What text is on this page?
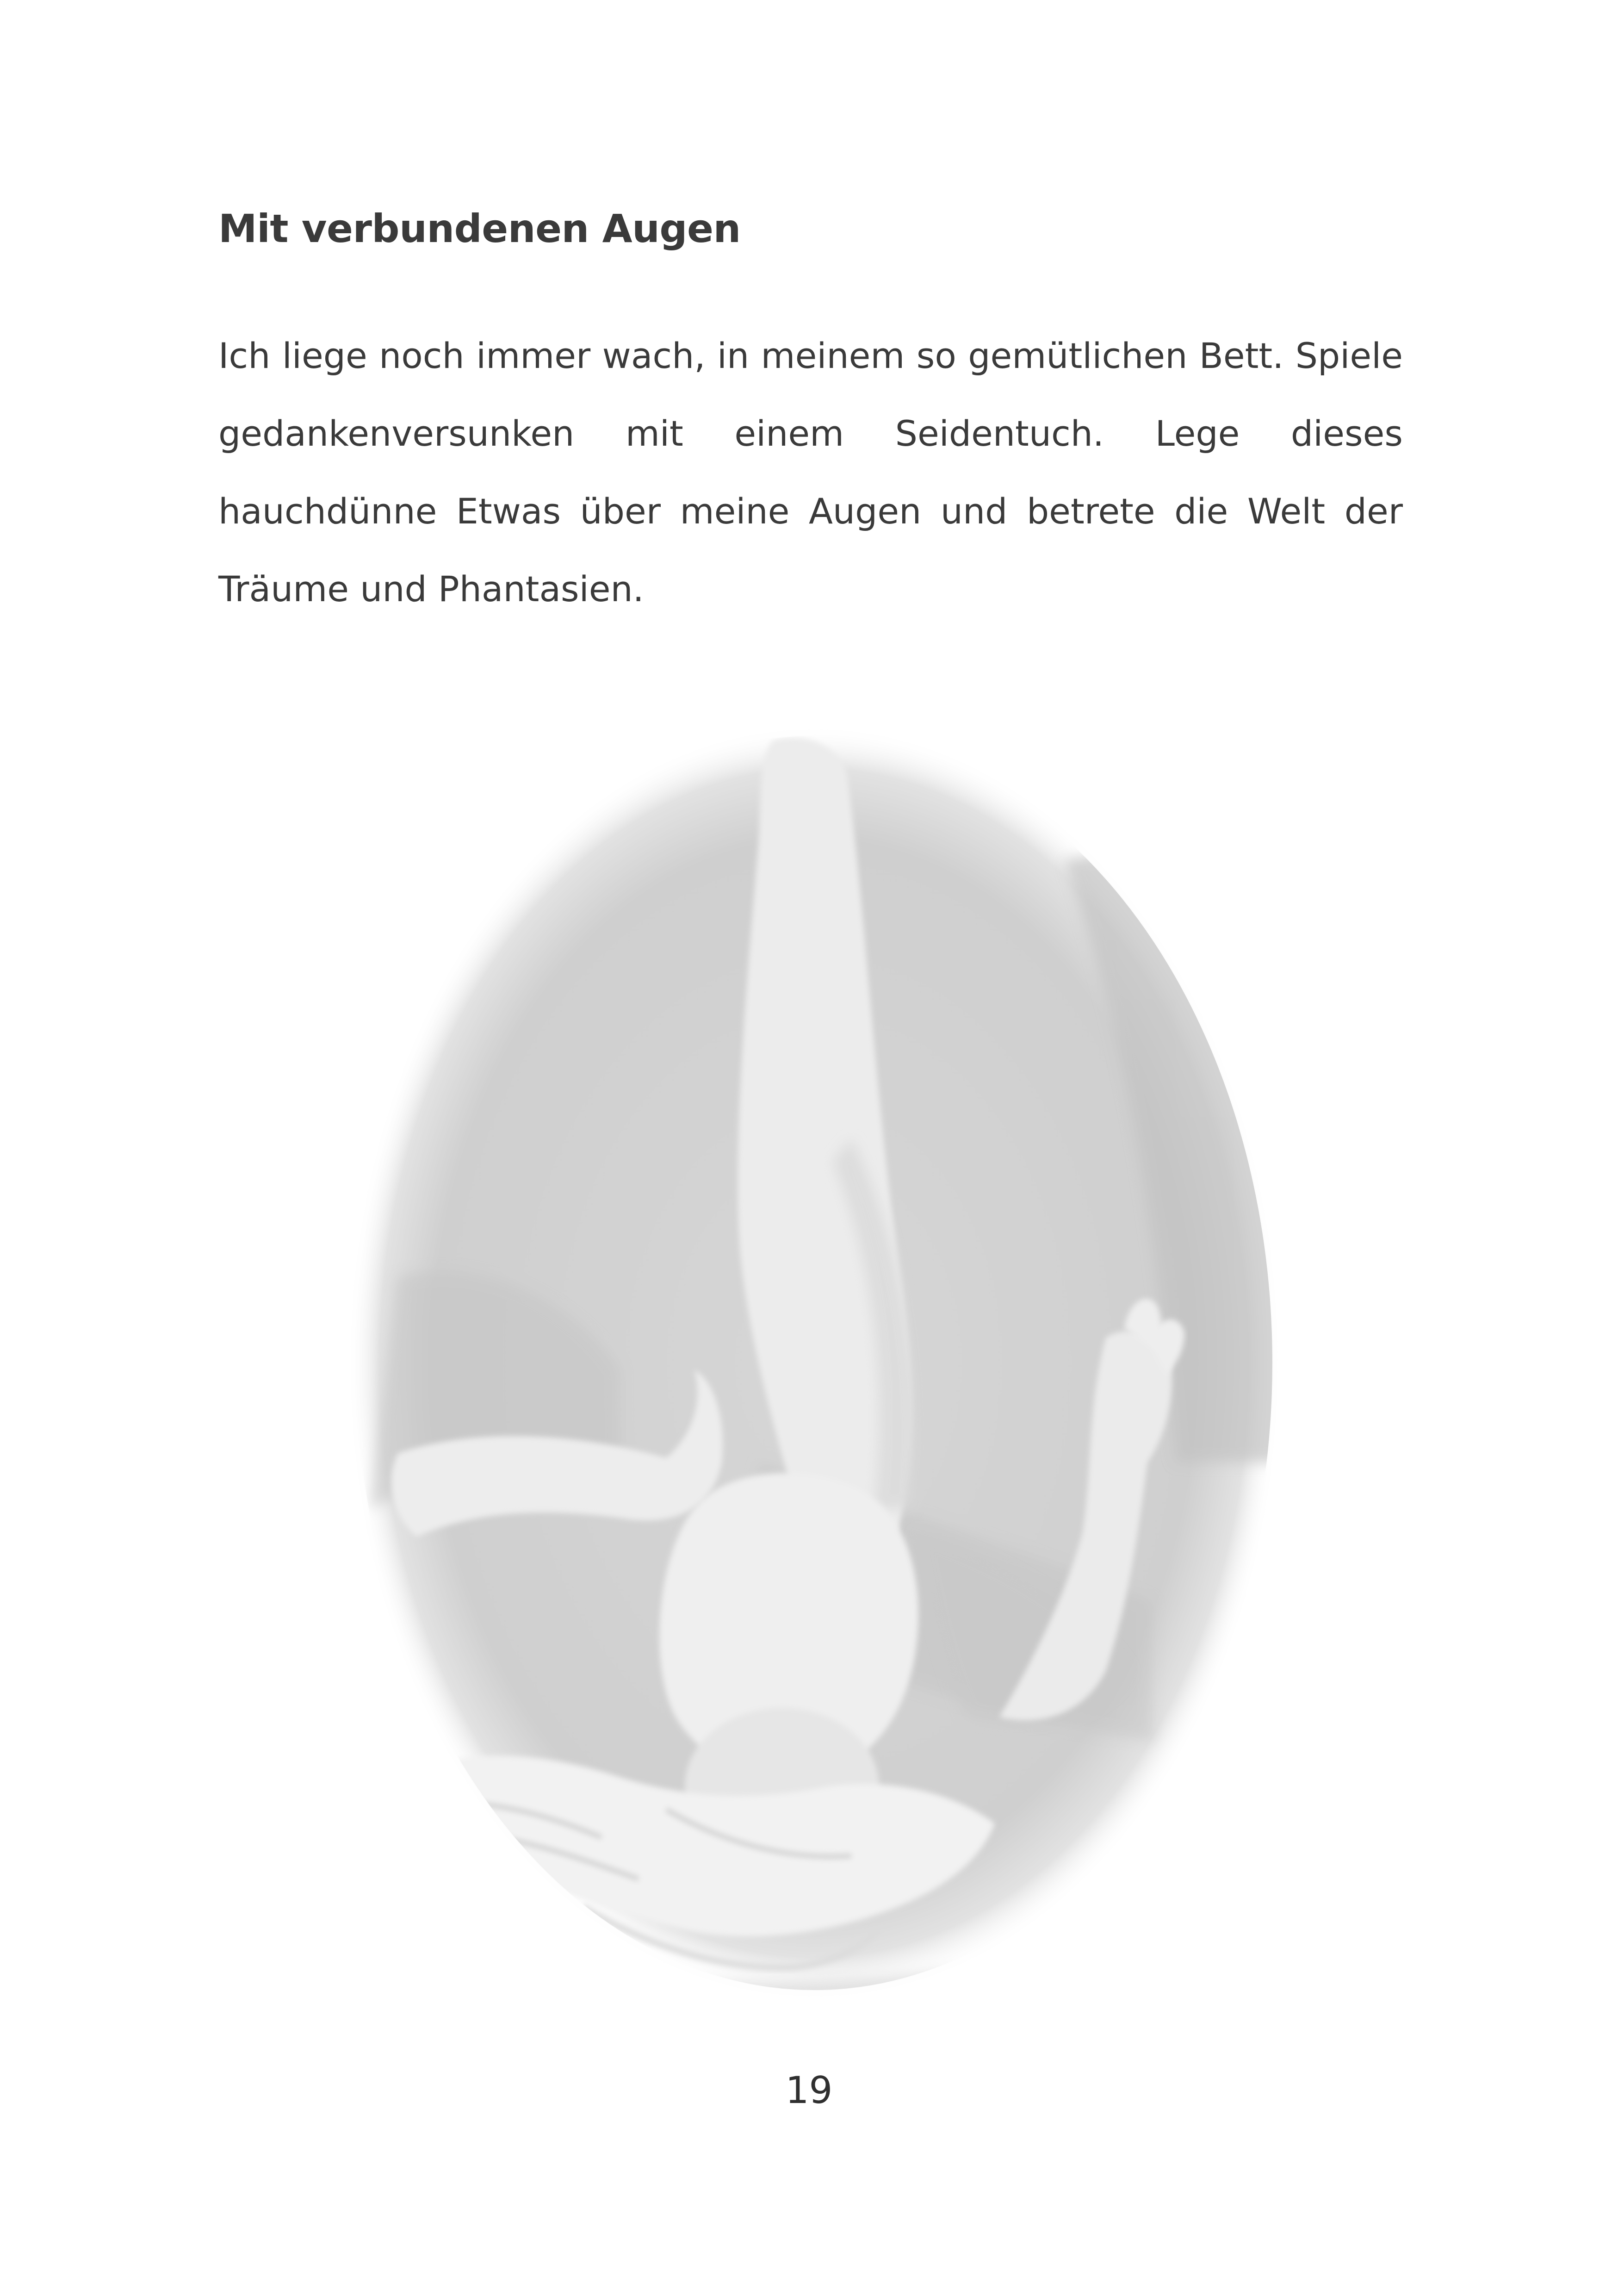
Mit verbundenen Augen

Ich liege noch immer wach, in meinem so gemütlichen Bett. Spiele gedankenversunken mit einem Seidentuch. Lege dieses hauchdünne Etwas über meine Augen und betrete die Welt der Träume und Phantasien.

19
